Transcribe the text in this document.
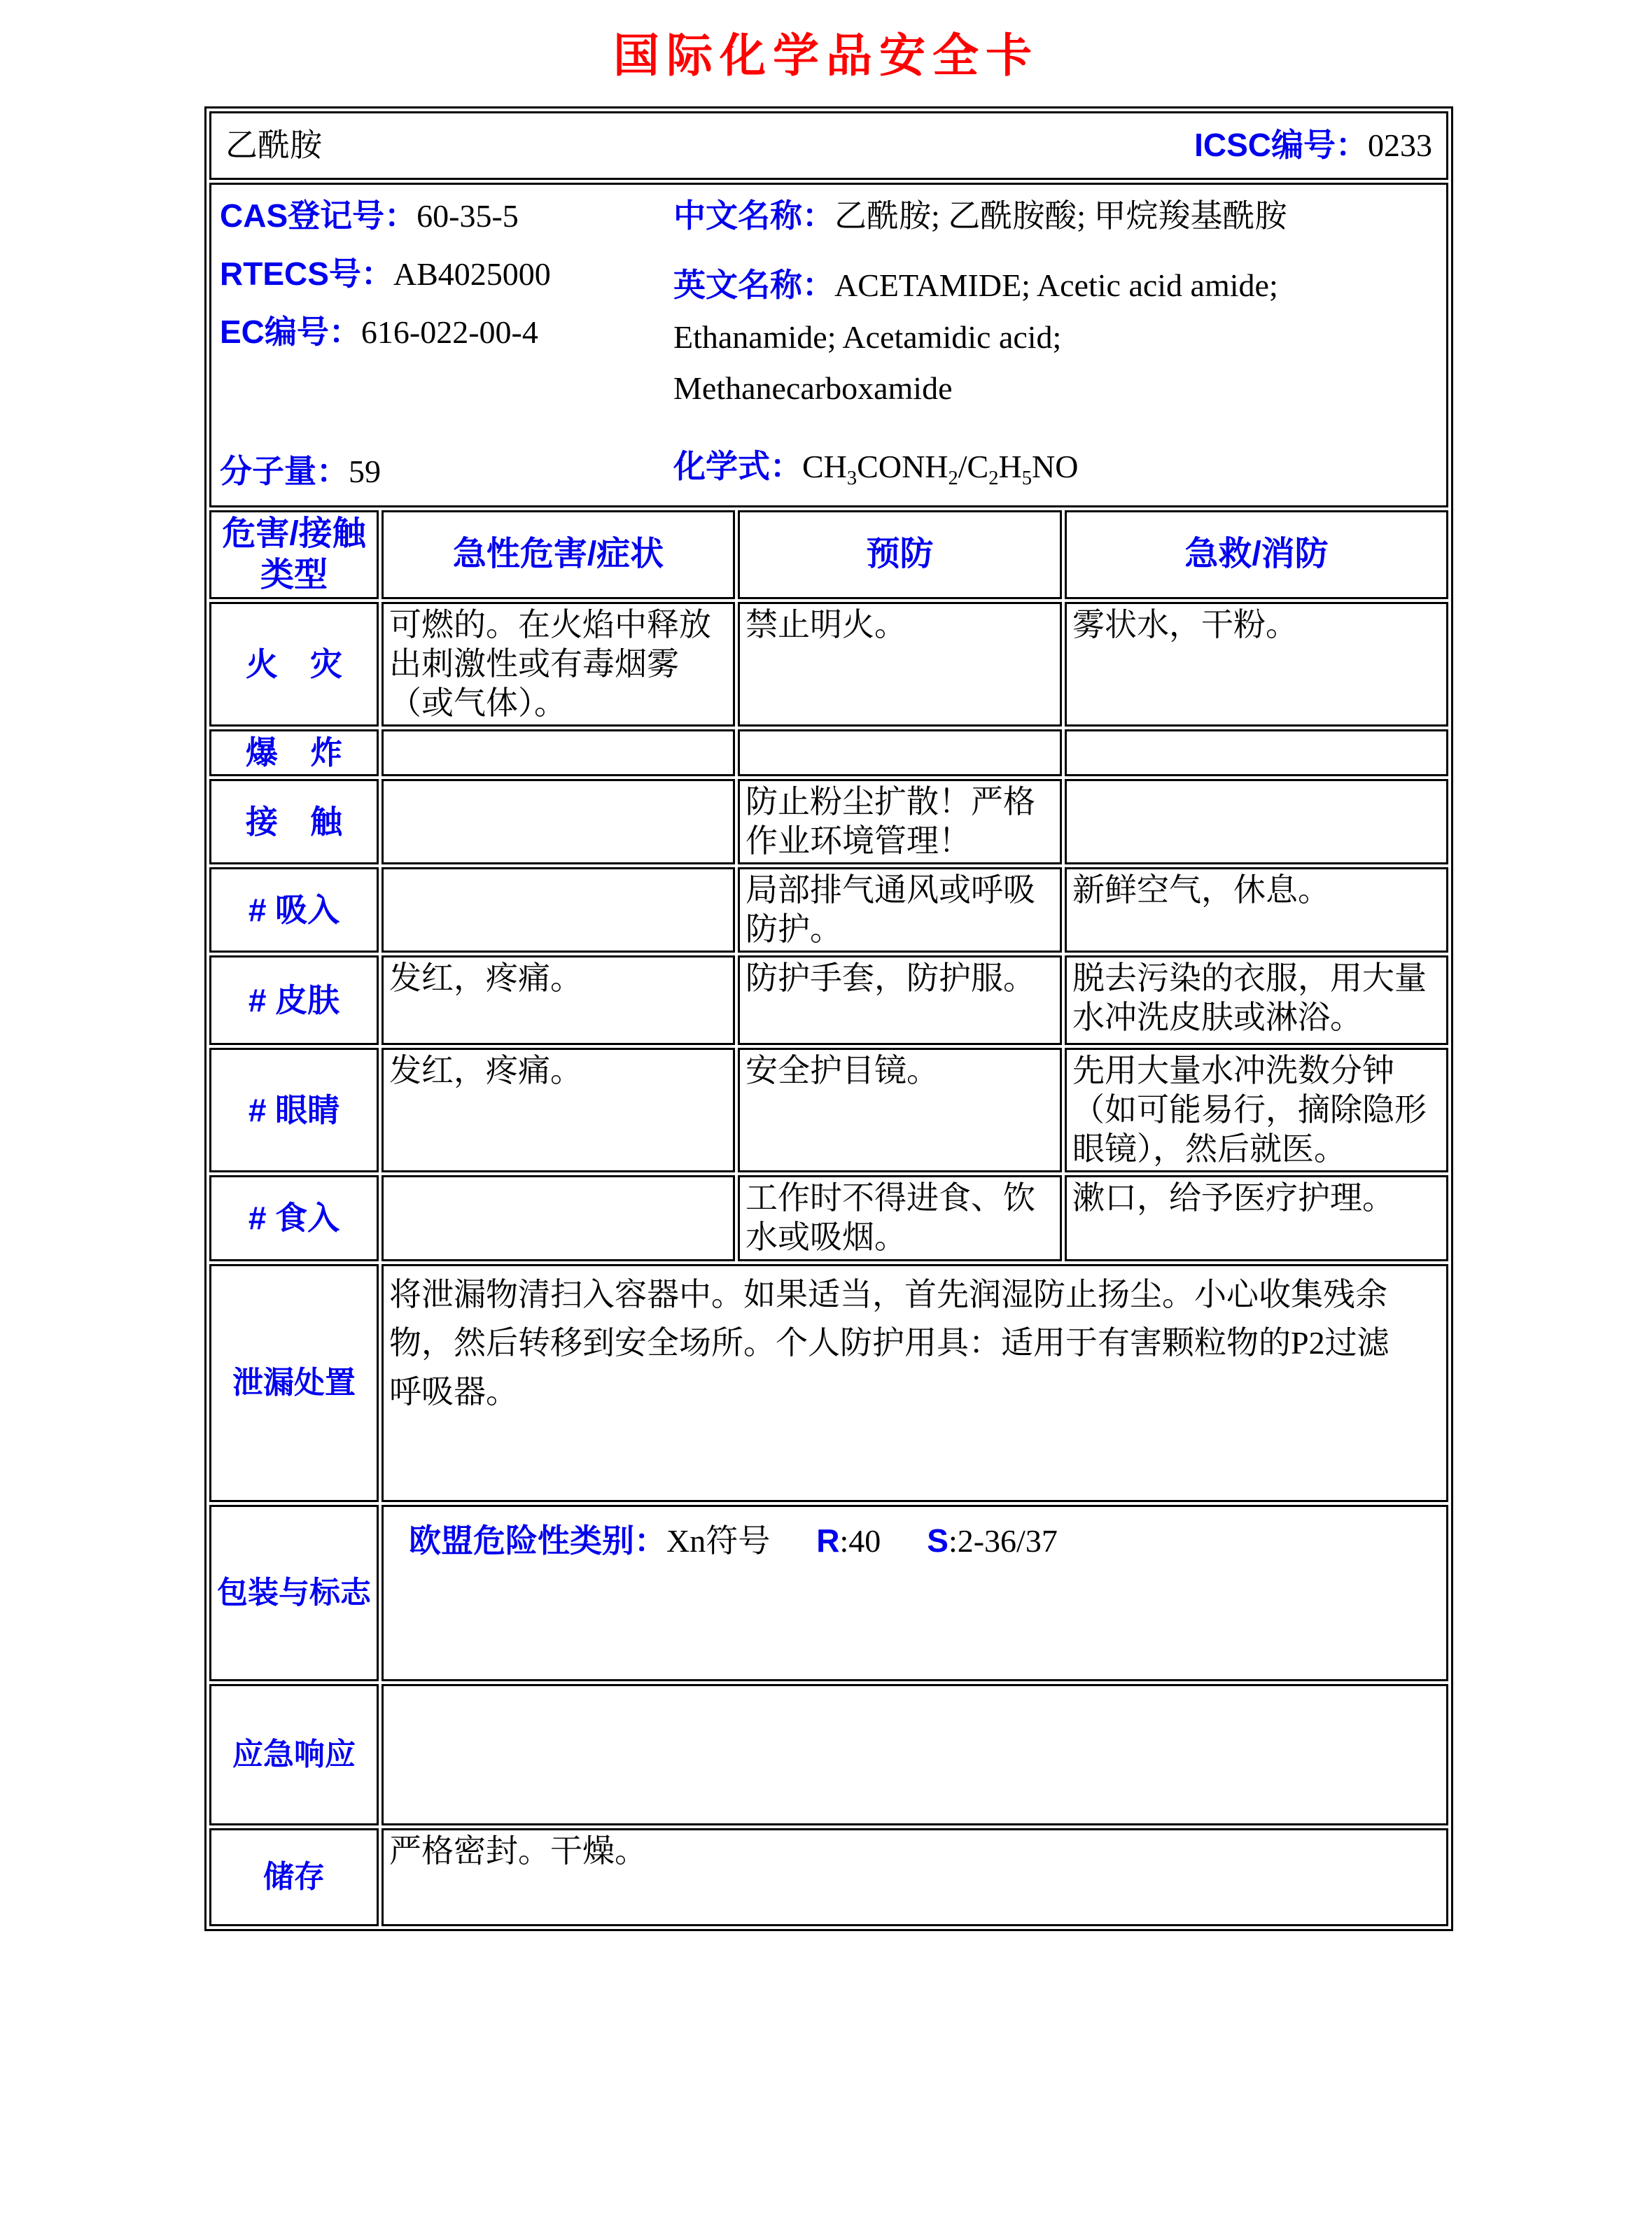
国际化学品安全卡
乙酰胺 ICSC编号：0233			

CAS登记号：60-35-5
RTECS号：AB4025000
EC编号：616-022-00-4
分子量：59
中文名称：乙酰胺; 乙酰胺酸; 甲烷羧基酰胺

英文名称：ACETAMIDE; Acetic acid amide; Ethanamide; Acetamidic acid; Methanecarboxamide

化学式：$CH_3CONH_2/C_2H_5NO$

危害/接触类型	急性危害/症状	预防	急救/消防
火　灾	可燃的。在火焰中释放出刺激性或有毒烟雾（或气体）。	禁止明火。	雾状水，干粉。
爆　炸			
接　触		防止粉尘扩散！严格作业环境管理！	
# 吸入		局部排气通风或呼吸防护。	新鲜空气，休息。
# 皮肤	发红，疼痛。	防护手套，防护服。	脱去污染的衣服，用大量水冲洗皮肤或淋浴。
# 眼睛	发红，疼痛。	安全护目镜。	先用大量水冲洗数分钟（如可能易行，摘除隐形眼镜），然后就医。
# 食入		工作时不得进食、饮水或吸烟。	漱口，给予医疗护理。
泄漏处置	将泄漏物清扫入容器中。如果适当，首先润湿防止扬尘。小心收集残余物，然后转移到安全场所。个人防护用具：适用于有害颗粒物的P2过滤呼吸器。		

包装与标志	欧盟危险性类别：Xn符号 R:40 S:2-36/37		

应急响应			
储存	严格密封。干燥。		
